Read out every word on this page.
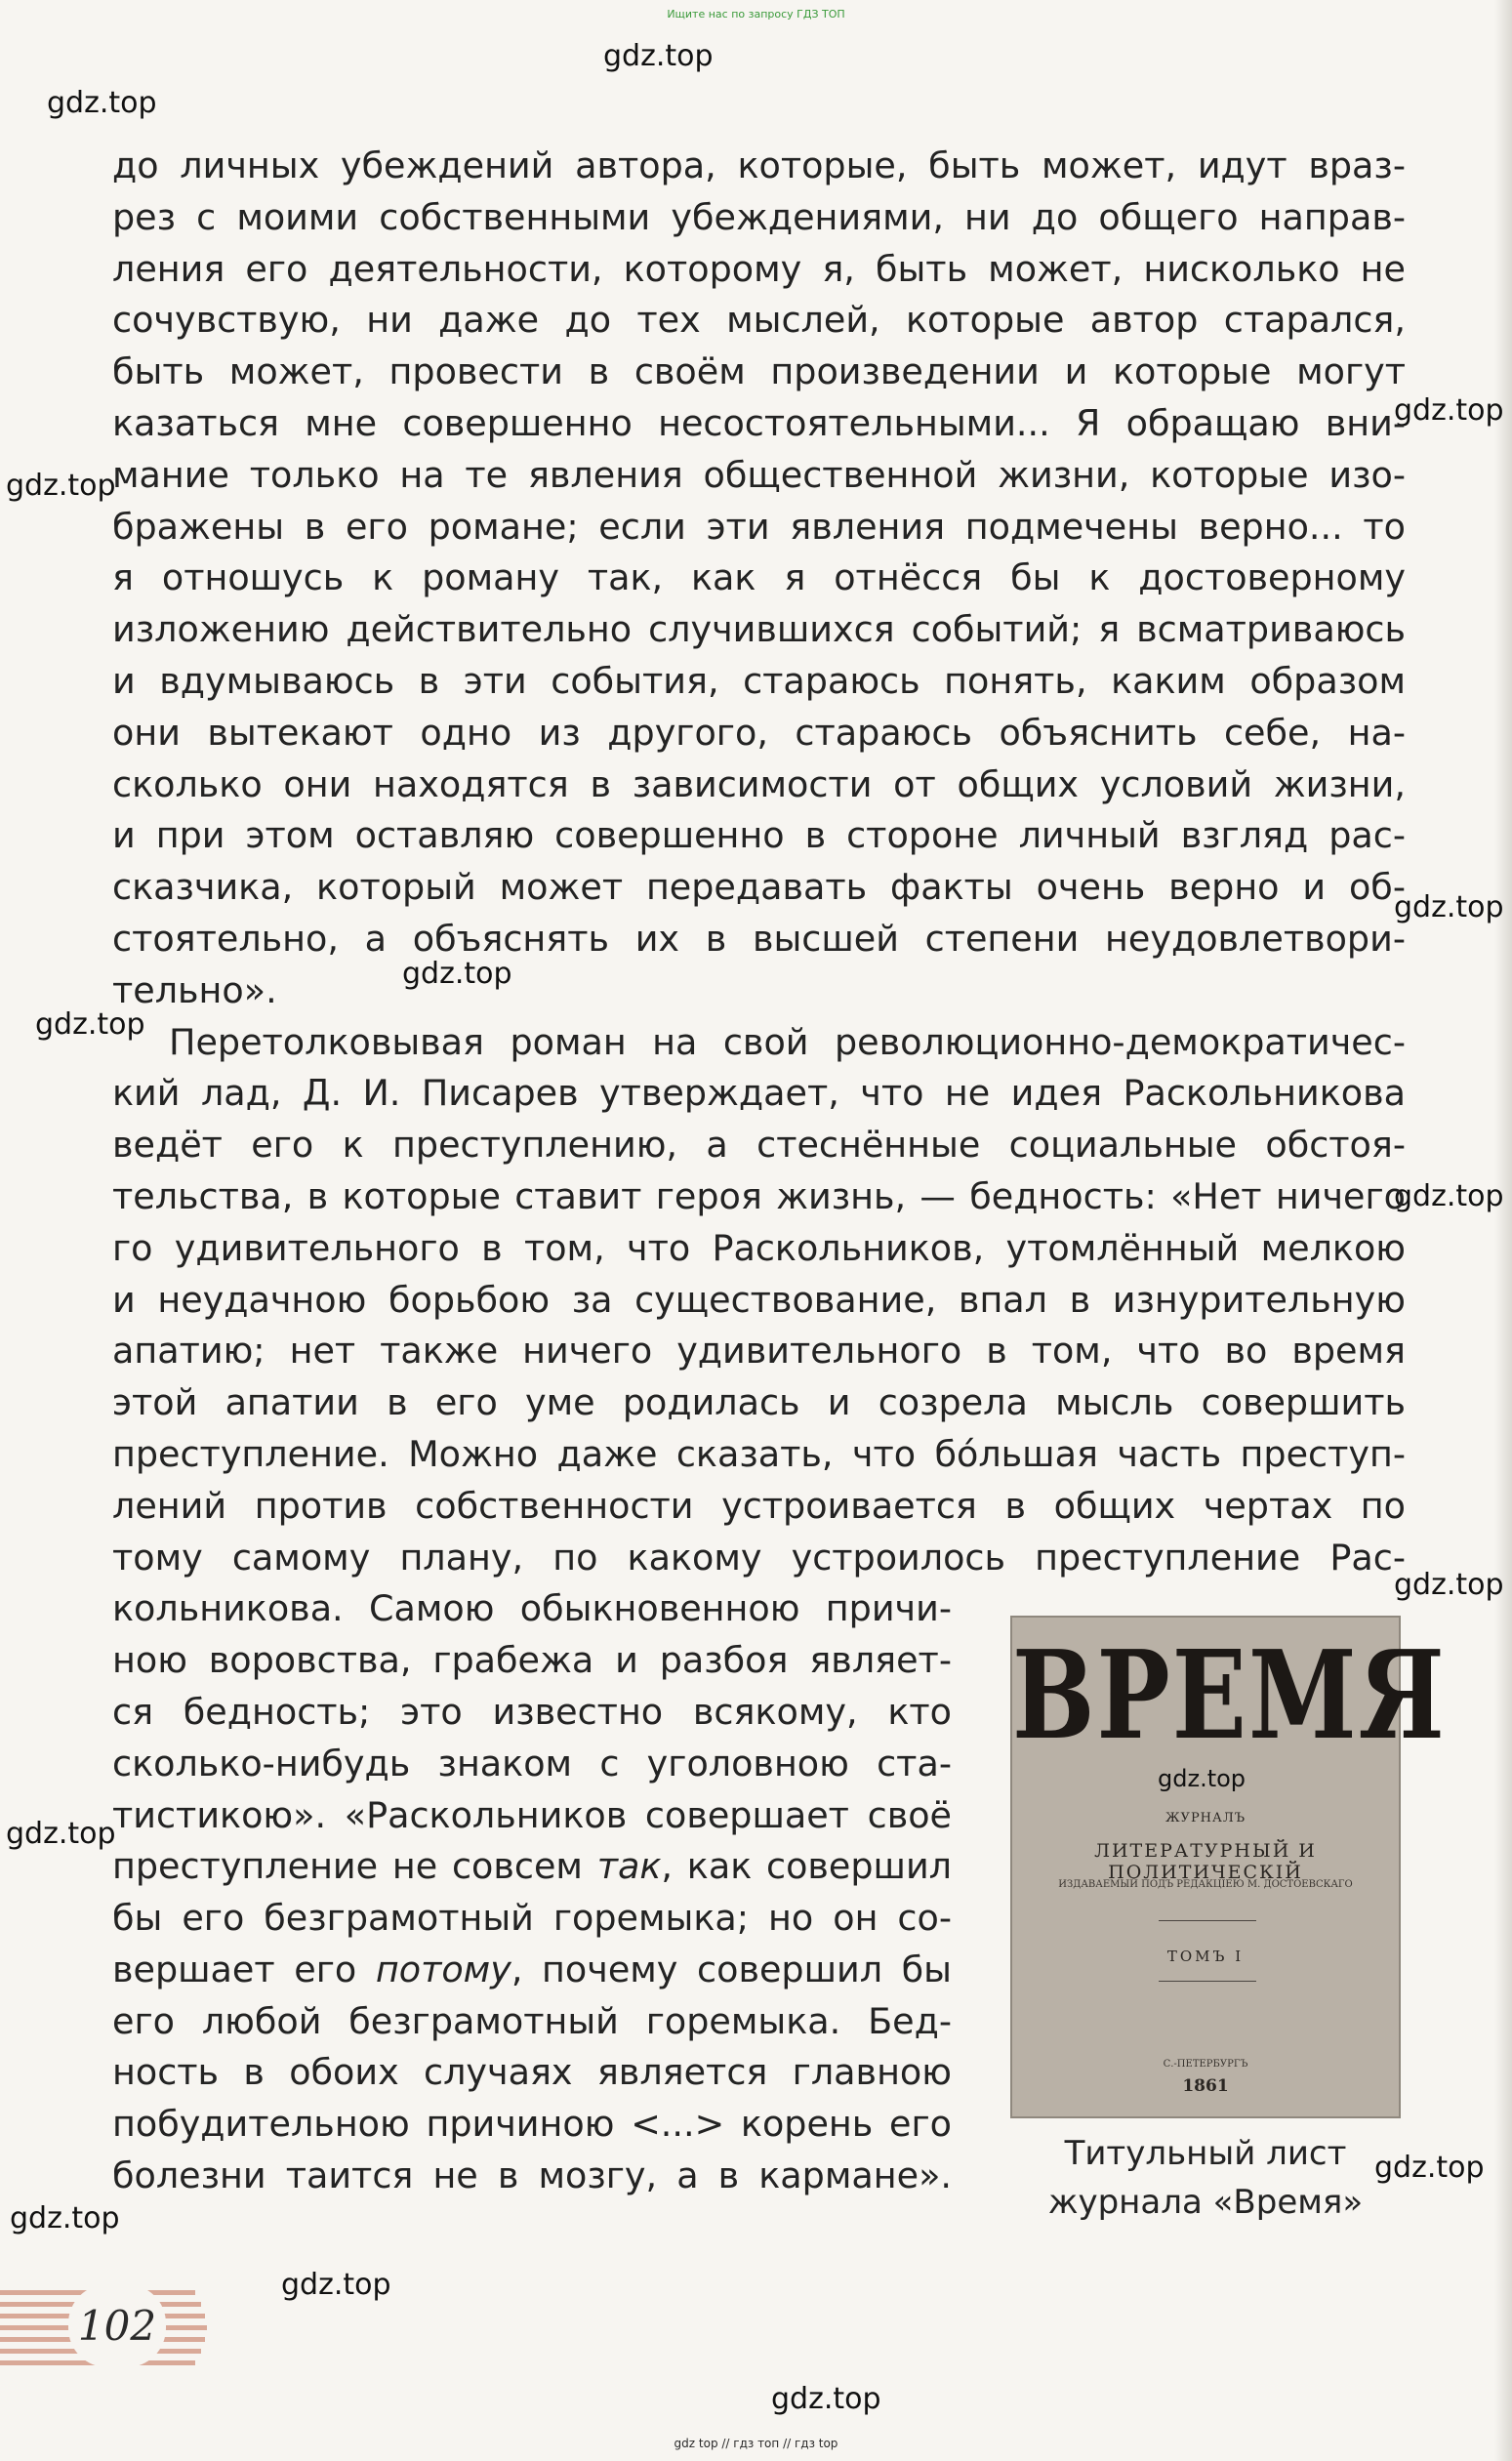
Ищите нас по запросу ГДЗ ТОП
gdz.top
gdz.top
gdz.top
gdz.top
gdz.top
gdz.top
gdz.top
gdz.top
gdz.top
gdz.top
gdz.top
gdz.top
gdz.top
gdz.top
до личных убеждений автора, которые, быть может, идут враз-
рез с моими собственными убеждениями, ни до общего направ-
ления его деятельности, которому я, быть может, нисколько не
сочувствую, ни даже до тех мыслей, которые автор старался,
быть может, провести в своём произведении и которые могут
казаться мне совершенно несостоятельными... Я обращаю вни-
мание только на те явления общественной жизни, которые изо-
бражены в его романе; если эти явления подмечены верно... то
я отношусь к роману так, как я отнёсся бы к достоверному
изложению действительно случившихся событий; я всматриваюсь
и вдумываюсь в эти события, стараюсь понять, каким образом
они вытекают одно из другого, стараюсь объяснить себе, на-
сколько они находятся в зависимости от общих условий жизни,
и при этом оставляю совершенно в стороне личный взгляд рас-
сказчика, который может передавать факты очень верно и об-
стоятельно, а объяснять их в высшей степени неудовлетвори-
тельно».
Перетолковывая роман на свой революционно-демократичес-
кий лад, Д. И. Писарев утверждает, что не идея Раскольникова
ведёт его к преступлению, а стеснённые социальные обстоя-
тельства, в которые ставит героя жизнь, — бедность: «Нет ничего
го удивительного в том, что Раскольников, утомлённый мелкою
и неудачною борьбою за существование, впал в изнурительную
апатию; нет также ничего удивительного в том, что во время
этой апатии в его уме родилась и созрела мысль совершить
преступление. Можно даже сказать, что бо́льшая часть преступ-
лений против собственности устроивается в общих чертах по
тому самому плану, по какому устроилось преступление Рас-
кольникова. Самою обыкновенною причи-
ною воровства, грабежа и разбоя являет-
ся бедность; это известно всякому, кто
сколько-нибудь знаком с уголовною ста-
тистикою». «Раскольников совершает своё
преступление не совсем так, как совершил
бы его безграмотный горемыка; но он со-
вершает его потому, почему совершил бы
его любой безграмотный горемыка. Бед-
ность в обоих случаях является главною
побудительною причиною <...> корень его
болезни таится не в мозгу, а в кармане».
ВРЕМЯ
ЖУРНАЛЪ
ЛИТЕРАТУРНЫЙ И ПОЛИТИЧЕСКІЙ
ИЗДАВАЕМЫЙ ПОДЪ РЕДАКЦІЕЮ М. ДОСТОЕВСКАГО
ТОМЪ I
С.-ПЕТЕРБУРГЪ
1861
gdz.top
Титульный лист
журнала «Время»
102
gdz top // гдз топ // гдз top
